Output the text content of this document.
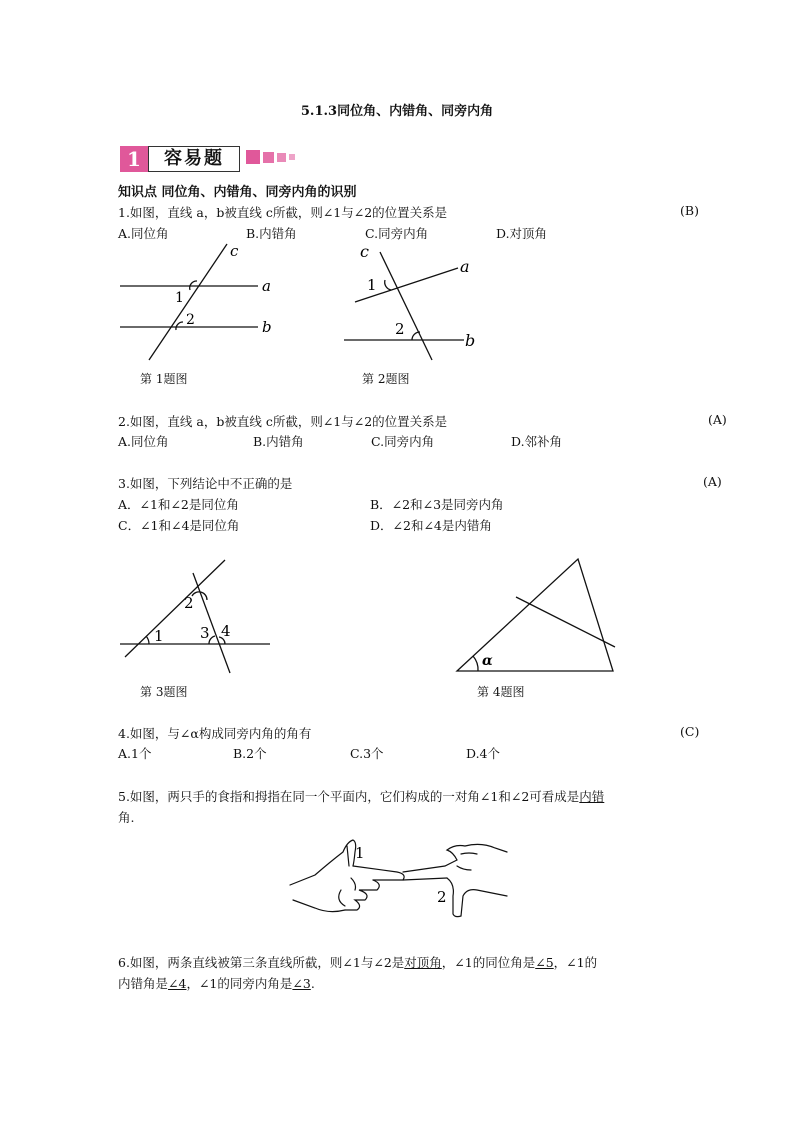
5.1.3同位角、内错角、同旁内角
1	容易题
知识点 同位角、内错角、同旁内角的识别
1.如图，直线 a，b被直线 c所截，则∠1与∠2的位置关系是	(B)
A.同位角	B.内错角	C.同旁内角	D.对顶角
c
a
b
1
2
第 1题图
c
a
b
1
2
第 2题图
2.如图，直线 a，b被直线 c所截，则∠1与∠2的位置关系是	(A)
A.同位角	B.内错角	C.同旁内角	D.邻补角
3.如图，下列结论中不正确的是	(A)
A．∠1和∠2是同位角	B．∠2和∠3是同旁内角
C．∠1和∠4是同位角	D．∠2和∠4是内错角
2
1 3 4
第 3题图
α
第 4题图
4.如图，与∠α构成同旁内角的角有	(C)
A.1个	B.2个	C.3个	D.4个
5.如图，两只手的食指和拇指在同一个平面内，它们构成的一对角∠1和∠2可看成是内错
角.
1
2
6.如图，两条直线被第三条直线所截，则∠1与∠2是对顶角，∠1的同位角是∠5，∠1的
内错角是∠4，∠1的同旁内角是∠3.
